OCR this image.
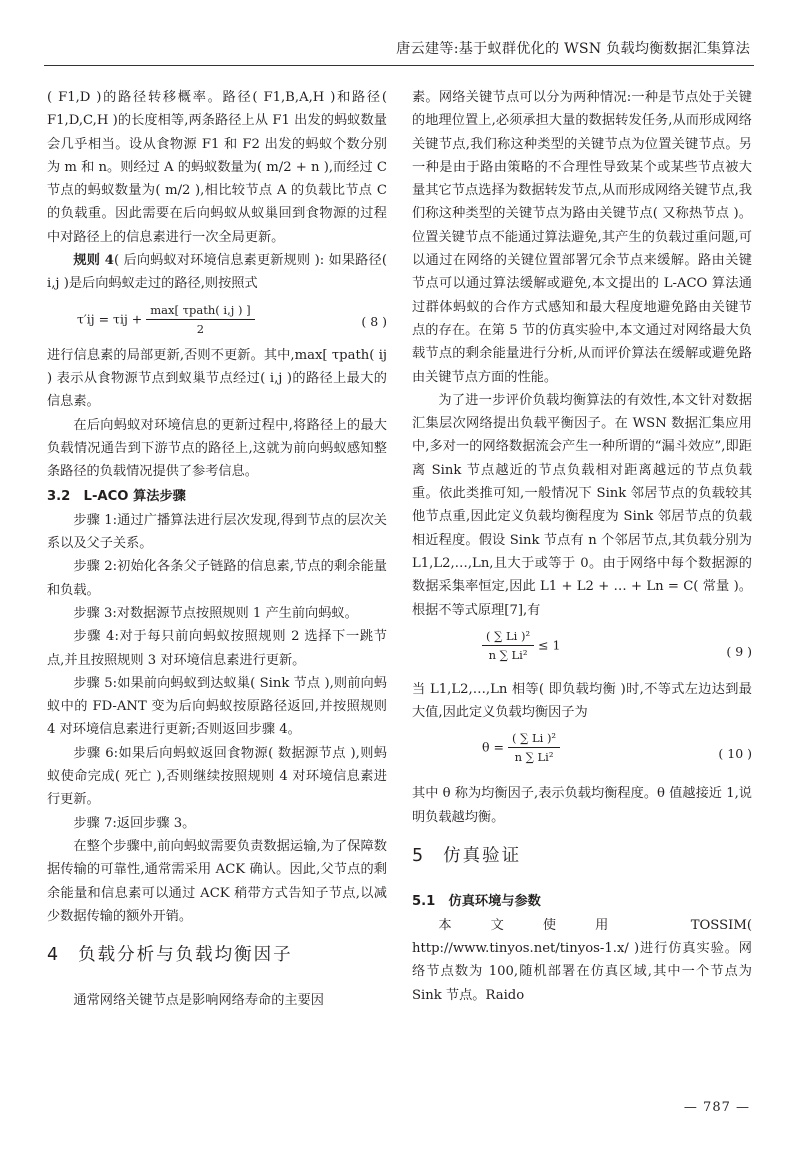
唐云建等:基于蚁群优化的 WSN 负载均衡数据汇集算法

( F1,D )的路径转移概率。路径( F1,B,A,H )和路径( F1,D,C,H )的长度相等,两条路径上从 F1 出发的蚂蚁数量会几乎相当。设从食物源 F1 和 F2 出发的蚂蚁个数分别为 m 和 n。则经过 A 的蚂蚁数量为( m/2 + n ),而经过 C 节点的蚂蚁数量为( m/2 ),相比较节点 A 的负载比节点 C 的负载重。因此需要在后向蚂蚁从蚁巢回到食物源的过程中对路径上的信息素进行一次全局更新。

规则 4( 后向蚂蚁对环境信息素更新规则 ): 如果路径( i,j )是后向蚂蚁走过的路径,则按照式

$\tau'ij = \tau ij + \frac{\text{max[ τpath( i,j ) ]}}{2}$	( 8 )

进行信息素的局部更新,否则不更新。其中,max[ τpath( ij ) 表示从食物源节点到蚁巢节点经过( i,j )的路径上最大的信息素。

在后向蚂蚁对环境信息的更新过程中,将路径上的最大负载情况通告到下游节点的路径上,这就为前向蚂蚁感知整条路径的负载情况提供了参考信息。

3.2　L-ACO 算法步骤

步骤 1:通过广播算法进行层次发现,得到节点的层次关系以及父子关系。

步骤 2:初始化各条父子链路的信息素,节点的剩余能量和负载。

步骤 3:对数据源节点按照规则 1 产生前向蚂蚁。

步骤 4:对于每只前向蚂蚁按照规则 2 选择下一跳节点,并且按照规则 3 对环境信息素进行更新。

步骤 5:如果前向蚂蚁到达蚁巢( Sink 节点 ),则前向蚂蚁中的 FD-ANT 变为后向蚂蚁按原路径返回,并按照规则 4 对环境信息素进行更新;否则返回步骤 4。

步骤 6:如果后向蚂蚁返回食物源( 数据源节点 ),则蚂蚁使命完成( 死亡 ),否则继续按照规则 4 对环境信息素进行更新。

步骤 7:返回步骤 3。

在整个步骤中,前向蚂蚁需要负责数据运输,为了保障数据传输的可靠性,通常需采用 ACK 确认。因此,父节点的剩余能量和信息素可以通过 ACK 稍带方式告知子节点,以减少数据传输的额外开销。

4 负载分析与负载均衡因子

通常网络关键节点是影响网络寿命的主要因

素。网络关键节点可以分为两种情况:一种是节点处于关键的地理位置上,必须承担大量的数据转发任务,从而形成网络关键节点,我们称这种类型的关键节点为位置关键节点。另一种是由于路由策略的不合理性导致某个或某些节点被大量其它节点选择为数据转发节点,从而形成网络关键节点,我们称这种类型的关键节点为路由关键节点( 又称热节点 )。位置关键节点不能通过算法避免,其产生的负载过重问题,可以通过在网络的关键位置部署冗余节点来缓解。路由关键节点可以通过算法缓解或避免,本文提出的 L-ACO 算法通过群体蚂蚁的合作方式感知和最大程度地避免路由关键节点的存在。在第 5 节的仿真实验中,本文通过对网络最大负载节点的剩余能量进行分析,从而评价算法在缓解或避免路由关键节点方面的性能。

为了进一步评价负载均衡算法的有效性,本文针对数据汇集层次网络提出负载平衡因子。在 WSN 数据汇集应用中,多对一的网络数据流会产生一种所谓的“漏斗效应”,即距离 Sink 节点越近的节点负载相对距离越远的节点负载重。依此类推可知,一般情况下 Sink 邻居节点的负载较其他节点重,因此定义负载均衡程度为 Sink 邻居节点的负载相近程度。假设 Sink 节点有 n 个邻居节点,其负载分别为 L1,L2,…,Ln,且大于或等于 0。由于网络中每个数据源的数据采集率恒定,因此 L1 + L2 + … + Ln = C( 常量 )。根据不等式原理[7],有

$\frac{\text{( ∑ Li )²}}{\text{n ∑ Li²}} \le 1$	( 9 )

当 L1,L2,…,Ln 相等( 即负载均衡 )时,不等式左边达到最大值,因此定义负载均衡因子为

$\theta = \frac{\text{( ∑ Li )²}}{\text{n ∑ Li²}}$	( 10 )

其中 θ 称为均衡因子,表示负载均衡程度。θ 值越接近 1,说明负载越均衡。

5 仿真验证
5.1　仿真环境与参数

本文使用 TOSSIM( http://www.tinyos.net/tinyos-1.x/ )进行仿真实验。网络节点数为 100,随机部署在仿真区域,其中一个节点为 Sink 节点。Raido

— 787 —
